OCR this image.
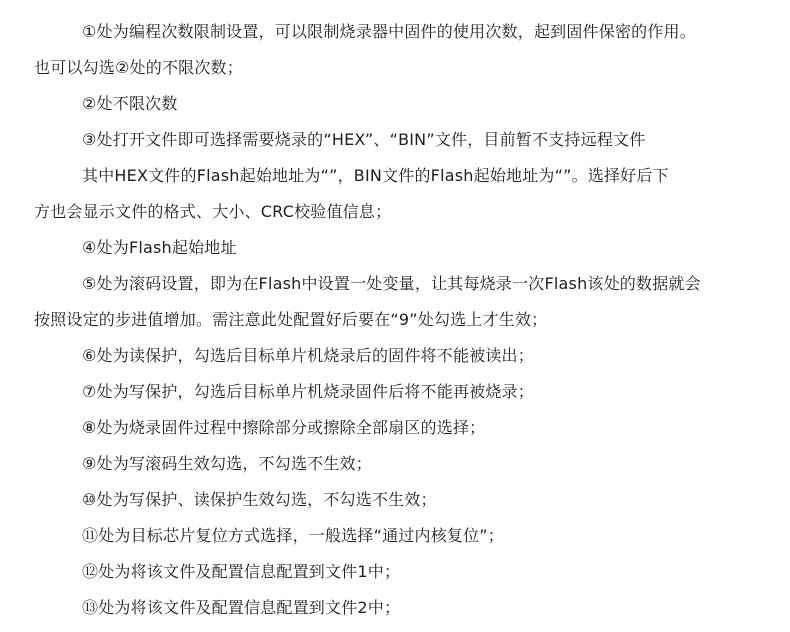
①处为编程次数限制设置，可以限制烧录器中固件的使用次数，起到固件保密的作用。
也可以勾选②处的不限次数；
②处不限次数
③处打开文件即可选择需要烧录的“HEX”、“BIN”文件，目前暂不支持远程文件
其中HEX文件的Flash起始地址为“”，BIN文件的Flash起始地址为“”。选择好后下
方也会显示文件的格式、大小、CRC校验值信息；
④处为Flash起始地址
⑤处为滚码设置，即为在Flash中设置一处变量，让其每烧录一次Flash该处的数据就会
按照设定的步进值增加。需注意此处配置好后要在“9”处勾选上才生效；
⑥处为读保护，勾选后目标单片机烧录后的固件将不能被读出；
⑦处为写保护，勾选后目标单片机烧录固件后将不能再被烧录；
⑧处为烧录固件过程中擦除部分或擦除全部扇区的选择；
⑨处为写滚码生效勾选，不勾选不生效；
⑩处为写保护、读保护生效勾选，不勾选不生效；
⑪处为目标芯片复位方式选择，一般选择“通过内核复位”；
⑫处为将该文件及配置信息配置到文件1中；
⑬处为将该文件及配置信息配置到文件2中；
